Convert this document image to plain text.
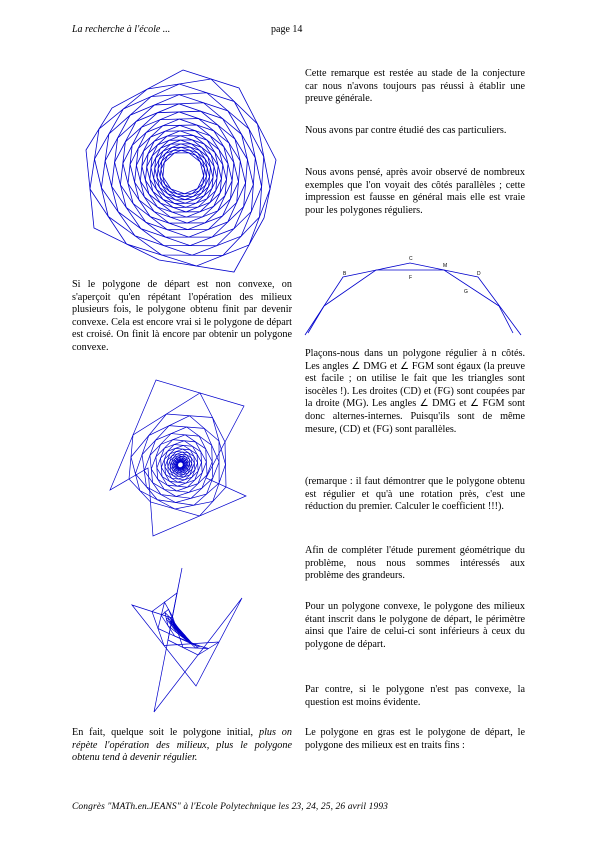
La recherche à l'école ...	page 14

Cette remarque est restée au stade de la conjecture car nous n'avons toujours pas réussi à établir une preuve générale.

Nous avons par contre étudié des cas particuliers.

Nous avons pensé, après avoir observé de nombreux exemples que l'on voyait des côtés parallèles ; cette impression est fausse en général mais elle est vraie pour les polygones réguliers.

Plaçons-nous dans un polygone régulier à n côtés. Les angles ∠ DMG et ∠ FGM sont égaux (la preuve est facile ; on utilise le fait que les triangles sont isocèles !). Les droites (CD) et (FG) sont coupées par la droite (MG). Les angles ∠ DMG et ∠ FGM sont donc alternes-internes. Puisqu'ils sont de même mesure, (CD) et (FG) sont parallèles.

(remarque : il faut démontrer que le polygone obtenu est régulier et qu'à une rotation près, c'est une réduction du premier. Calculer le coefficient !!!).

Afin de compléter l'étude purement géométrique du problème, nous nous sommes intéressés aux problème des grandeurs.

Pour un polygone convexe, le polygone des milieux étant inscrit dans le polygone de départ, le périmètre ainsi que l'aire de celui-ci sont inférieurs à ceux du polygone de départ.

Par contre, si le polygone n'est pas convexe, la question est moins évidente.

Le polygone en gras est le polygone de départ, le polygone des milieux est en traits fins :

Si le polygone de départ est non convexe, on s'aperçoit qu'en répétant l'opération des milieux plusieurs fois, le polygone obtenu finit par devenir convexe. Cela est encore vrai si le polygone de départ est croisé. On finit là encore par obtenir un polygone convexe.

En fait, quelque soit le polygone initial, plus on répète l'opération des milieux, plus le polygone obtenu tend à devenir régulier.

Congrès "MATh.en.JEANS" à l'Ecole Polytechnique les 23, 24, 25, 26 avril 1993
B
C
M
D
F
G
